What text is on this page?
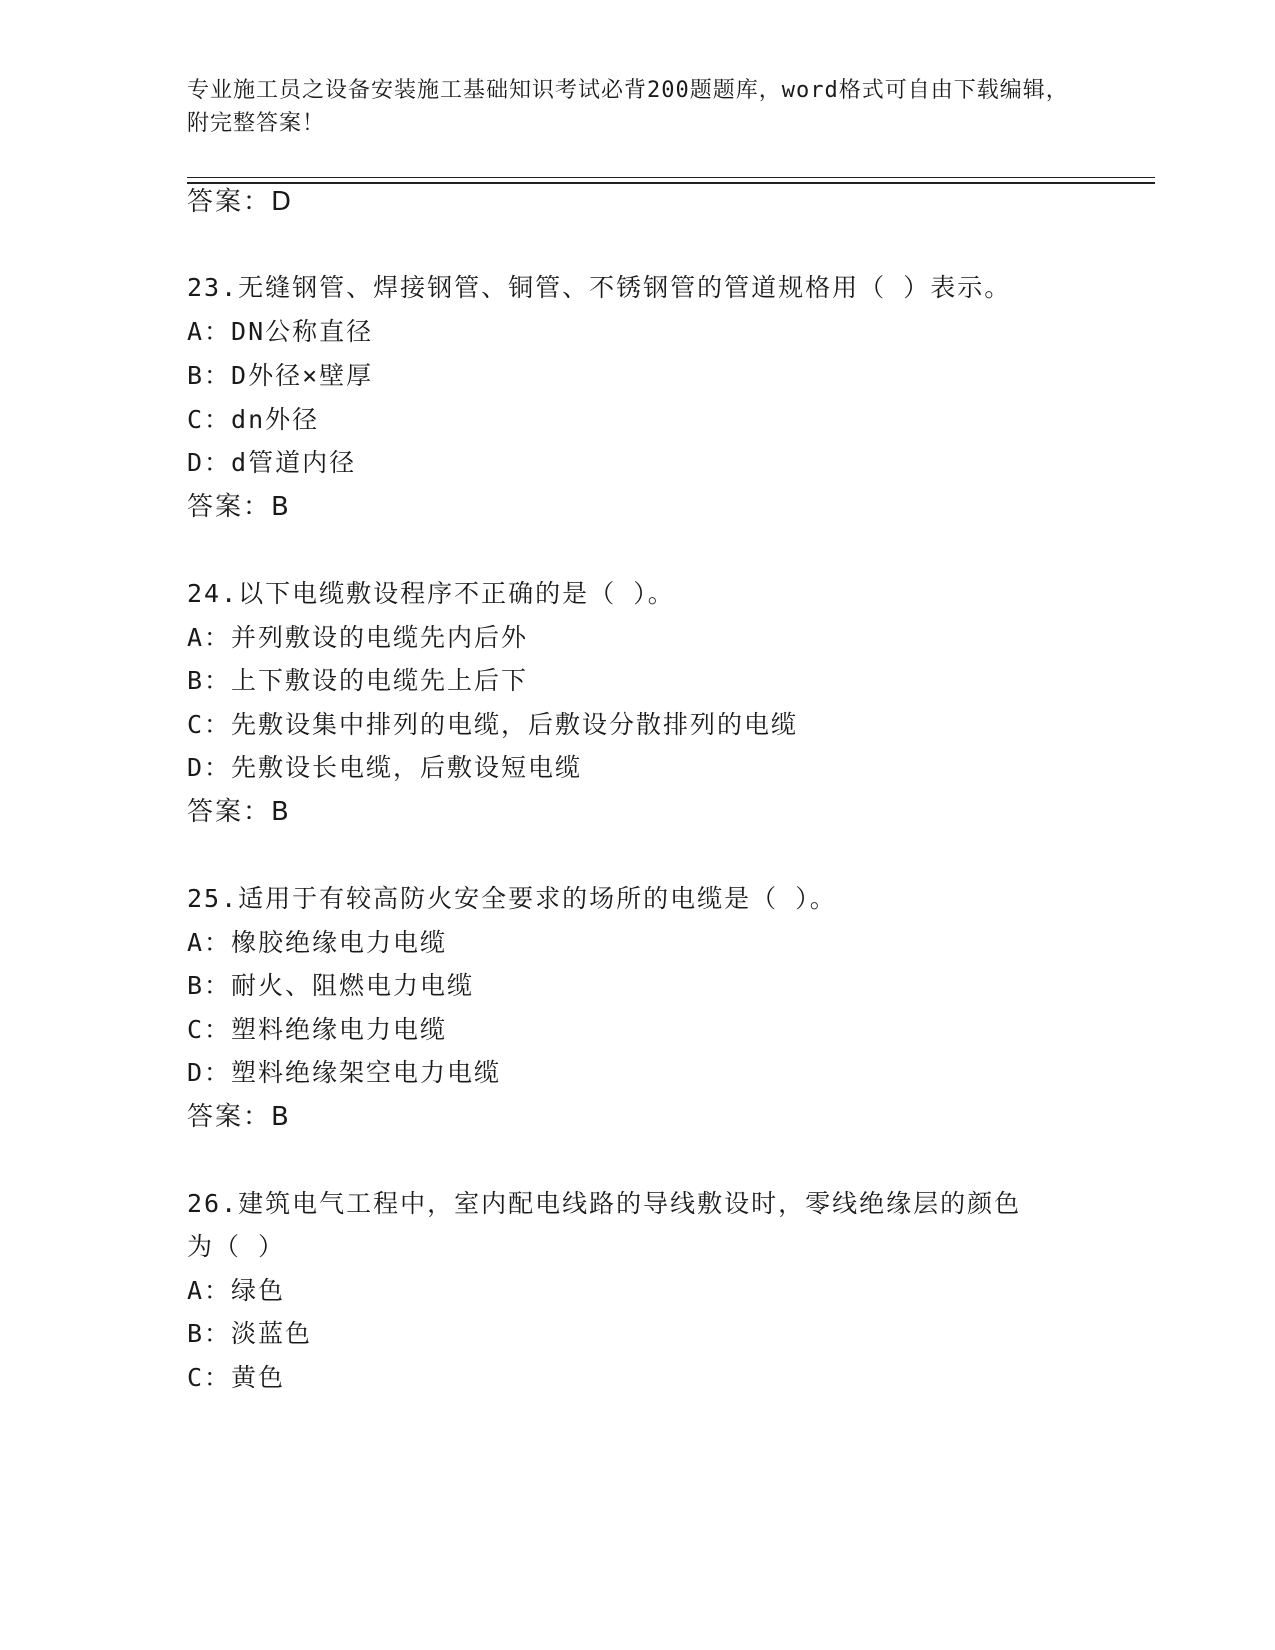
专业施工员之设备安装施工基础知识考试必背200题题库，word格式可自由下载编辑，附完整答案！
答案：D
23.无缝钢管、焊接钢管、铜管、不锈钢管的管道规格用（ ）表示。
A：DN公称直径
B：D外径×壁厚
C：dn外径
D：d管道内径
答案：B
24.以下电缆敷设程序不正确的是（ ）。
A：并列敷设的电缆先内后外
B：上下敷设的电缆先上后下
C：先敷设集中排列的电缆，后敷设分散排列的电缆
D：先敷设长电缆，后敷设短电缆
答案：B
25.适用于有较高防火安全要求的场所的电缆是（ ）。
A：橡胶绝缘电力电缆
B：耐火、阻燃电力电缆
C：塑料绝缘电力电缆
D：塑料绝缘架空电力电缆
答案：B
26.建筑电气工程中，室内配电线路的导线敷设时，零线绝缘层的颜色
为（ ）
A：绿色
B：淡蓝色
C：黄色
